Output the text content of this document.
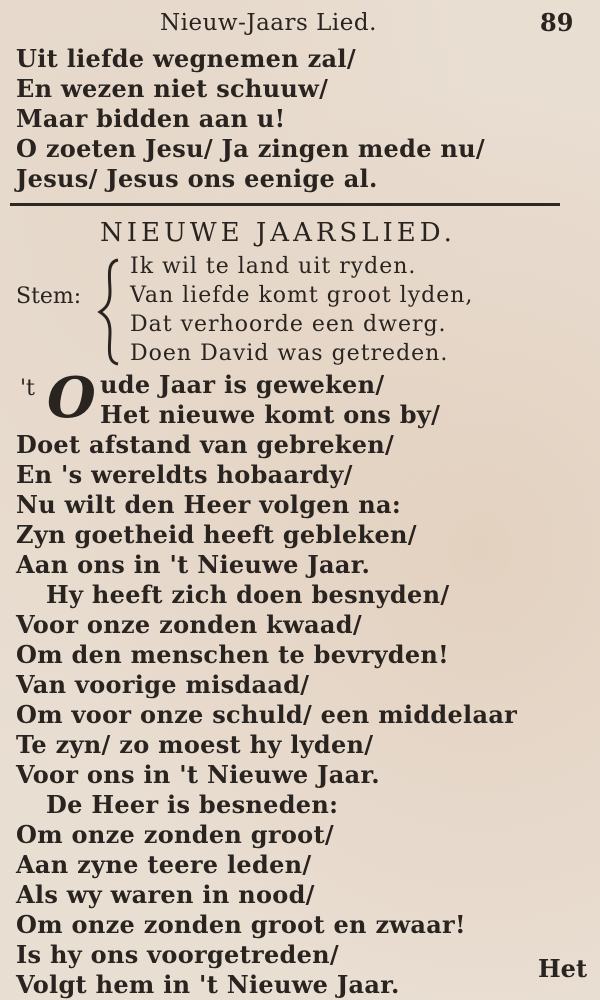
Nieuw-Jaars Lied.	89
Uit liefde wegnemen zal/
En wezen niet schuuw/
Maar bidden aan u!
O zoeten Jesu/ Ja zingen mede nu/
Jesus/ Jesus ons eenige al.
NIEUWE JAARSLIED.
Stem:
Ik wil te land uit ryden.
Van liefde komt groot lyden,
Dat verhoorde een dwerg.
Doen David was getreden.
't O ude Jaar is geweken/
Het nieuwe komt ons by/
Doet afstand van gebreken/
En 's wereldts hobaardy/
Nu wilt den Heer volgen na:
Zyn goetheid heeft gebleken/
Aan ons in 't Nieuwe Jaar.
Hy heeft zich doen besnyden/
Voor onze zonden kwaad/
Om den menschen te bevryden!
Van voorige misdaad/
Om voor onze schuld/ een middelaar
Te zyn/ zo moest hy lyden/
Voor ons in 't Nieuwe Jaar.
De Heer is besneden:
Om onze zonden groot/
Aan zyne teere leden/
Als wy waren in nood/
Om onze zonden groot en zwaar!
Is hy ons voorgetreden/
Volgt hem in 't Nieuwe Jaar.
Het
